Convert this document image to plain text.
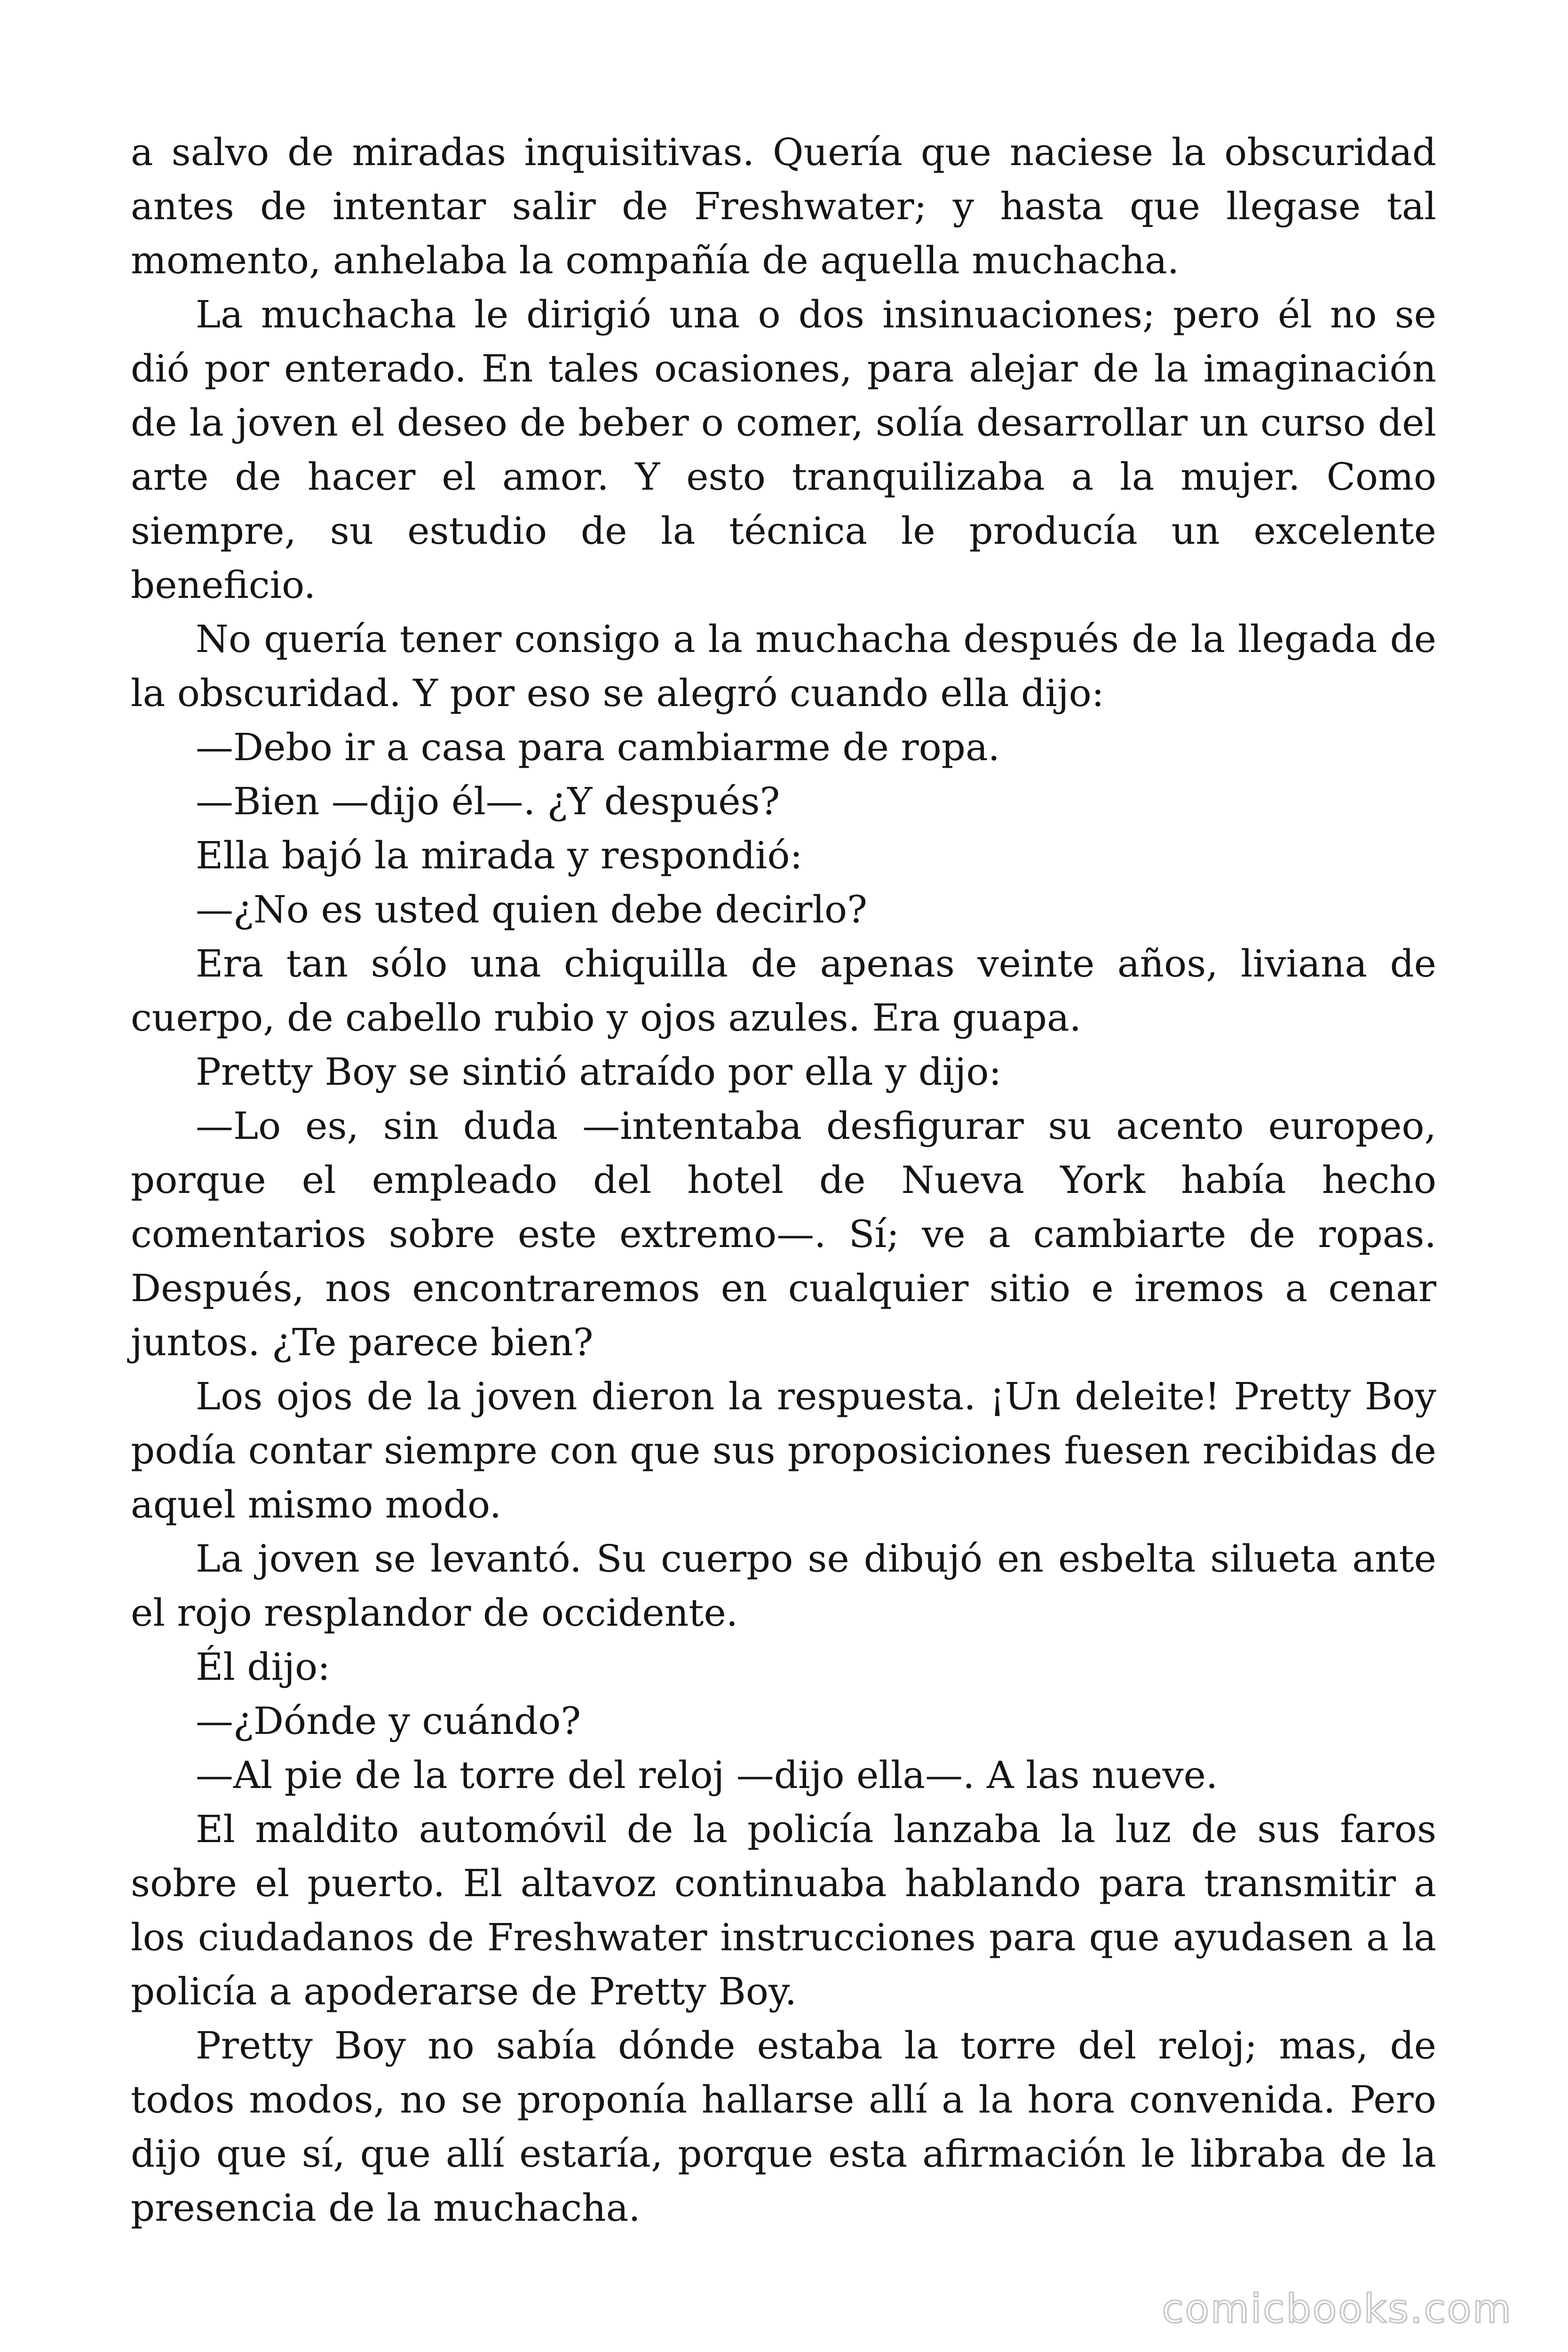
a salvo de miradas inquisitivas. Quería que naciese la obscuridad antes de intentar salir de Freshwater; y hasta que llegase tal momento, anhelaba la compañía de aquella muchacha.

La muchacha le dirigió una o dos insinuaciones; pero él no se dió por enterado. En tales ocasiones, para alejar de la imaginación de la joven el deseo de beber o comer, solía desarrollar un curso del arte de hacer el amor. Y esto tranquilizaba a la mujer. Como siempre, su estudio de la técnica le producía un excelente beneficio.

No quería tener consigo a la muchacha después de la llegada de la obscuridad. Y por eso se alegró cuando ella dijo:

—Debo ir a casa para cambiarme de ropa.

—Bien —dijo él—. ¿Y después?

Ella bajó la mirada y respondió:

—¿No es usted quien debe decirlo?

Era tan sólo una chiquilla de apenas veinte años, liviana de cuerpo, de cabello rubio y ojos azules. Era guapa.

Pretty Boy se sintió atraído por ella y dijo:

—Lo es, sin duda —intentaba desfigurar su acento europeo, porque el empleado del hotel de Nueva York había hecho comentarios sobre este extremo—. Sí; ve a cambiarte de ropas. Después, nos encontraremos en cualquier sitio e iremos a cenar juntos. ¿Te parece bien?

Los ojos de la joven dieron la respuesta. ¡Un deleite! Pretty Boy podía contar siempre con que sus proposiciones fuesen recibidas de aquel mismo modo.

La joven se levantó. Su cuerpo se dibujó en esbelta silueta ante el rojo resplandor de occidente.

Él dijo:

—¿Dónde y cuándo?

—Al pie de la torre del reloj —dijo ella—. A las nueve.

El maldito automóvil de la policía lanzaba la luz de sus faros sobre el puerto. El altavoz continuaba hablando para transmitir a los ciudadanos de Freshwater instrucciones para que ayudasen a la policía a apoderarse de Pretty Boy.

Pretty Boy no sabía dónde estaba la torre del reloj; mas, de todos modos, no se proponía hallarse allí a la hora convenida. Pero dijo que sí, que allí estaría, porque esta afirmación le libraba de la presencia de la muchacha.

comicbooks.com
